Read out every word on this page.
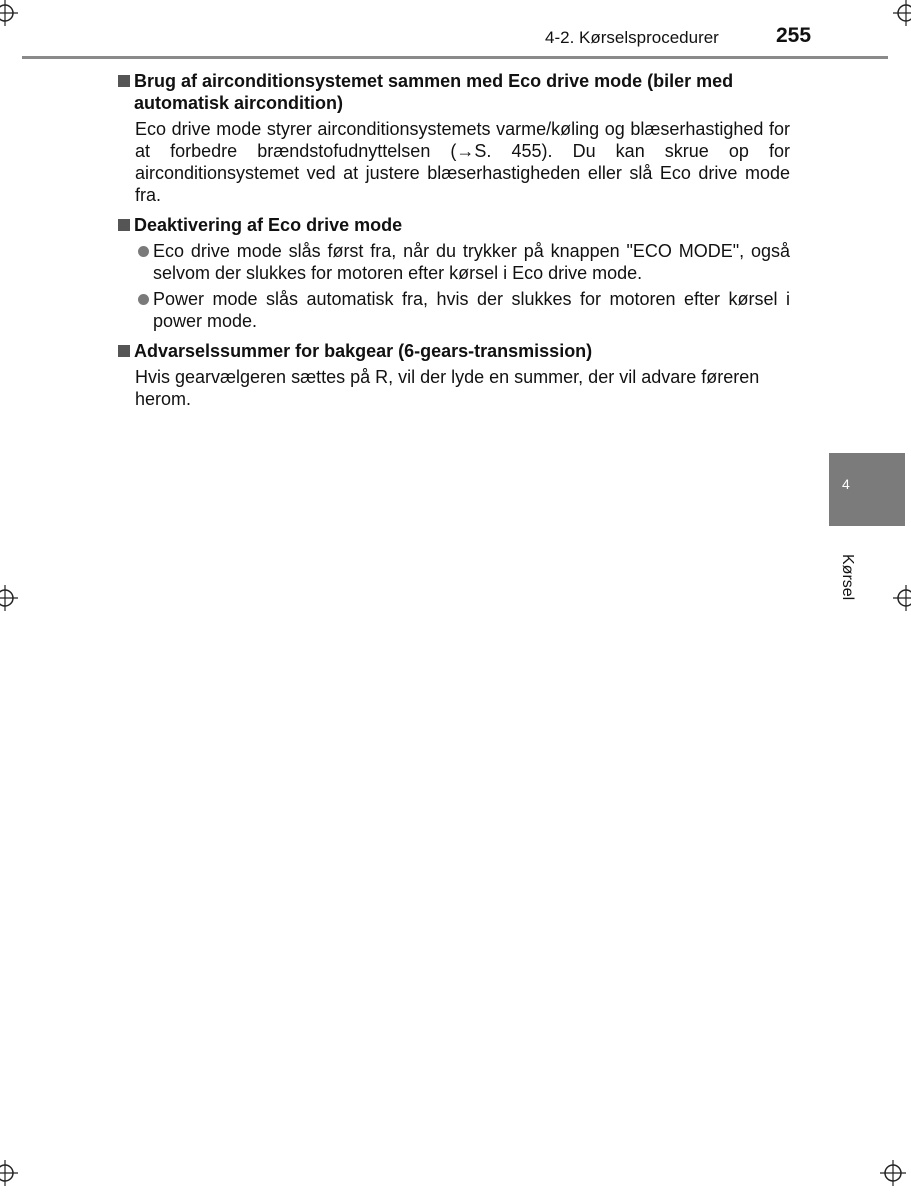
4-2. Kørselsprocedurer	255
Brug af airconditionsystemet sammen med Eco drive mode (biler med automatisk aircondition)
Eco drive mode styrer airconditionsystemets varme/køling og blæserhastighed for at forbedre brændstofudnyttelsen (→S. 455). Du kan skrue op for airconditionsystemet ved at justere blæserhastigheden eller slå Eco drive mode fra.
Deaktivering af Eco drive mode
Eco drive mode slås først fra, når du trykker på knappen "ECO MODE", også selvom der slukkes for motoren efter kørsel i Eco drive mode.
Power mode slås automatisk fra, hvis der slukkes for motoren efter kørsel i power mode.
Advarselssummer for bakgear (6-gears-transmission)
Hvis gearvælgeren sættes på R, vil der lyde en summer, der vil advare føreren herom.
4
Kørsel
